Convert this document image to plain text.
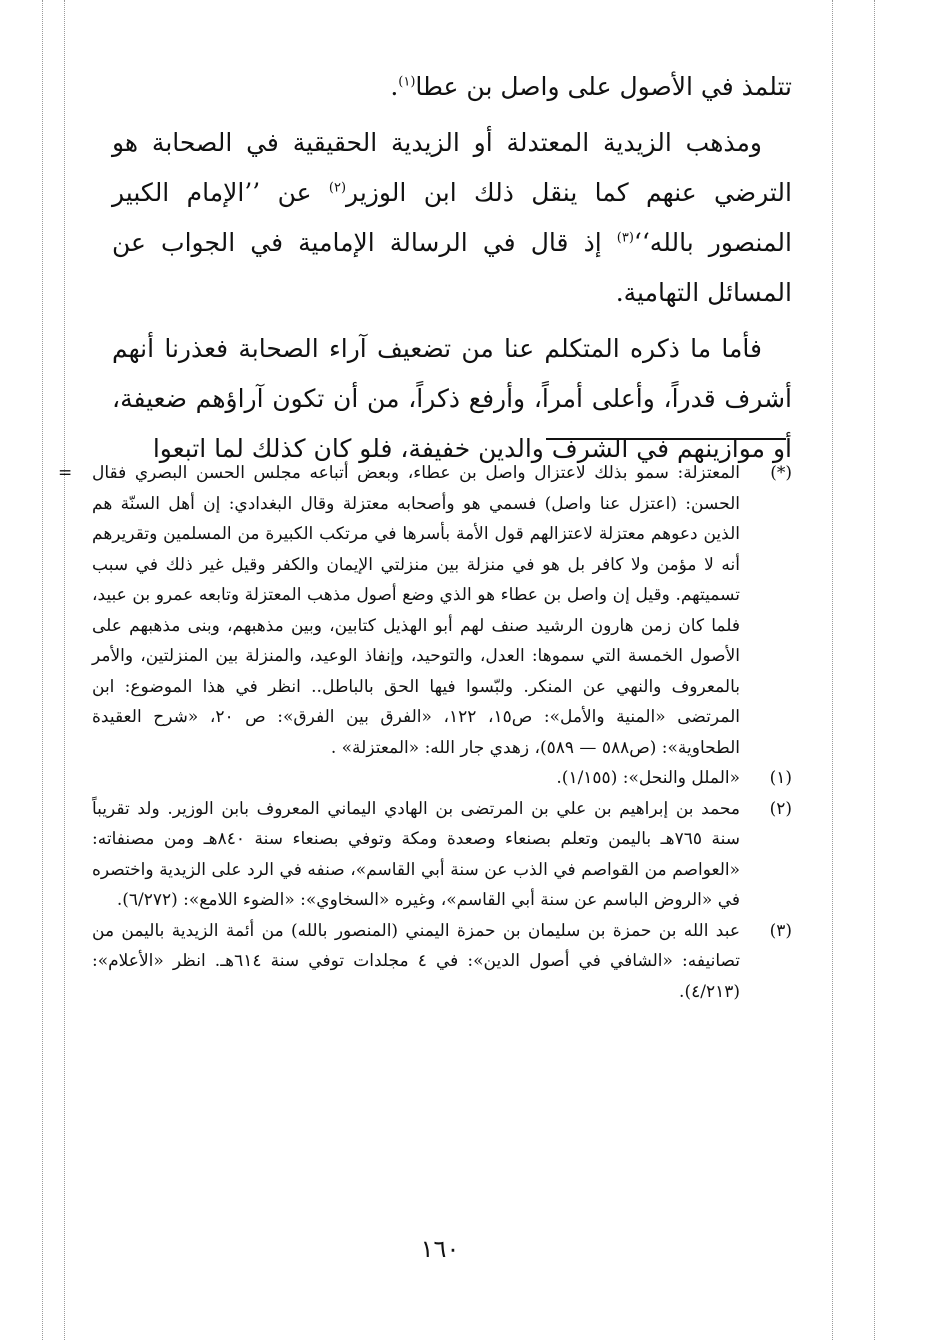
تتلمذ في الأصول على واصل بن عطا$^{(١)}$.

ومذهب الزيدية المعتدلة أو الزيدية الحقيقية في الصحابة هو الترضي عنهم كما ينقل ذلك ابن الوزير$^{(٢)}$ عن ’’الإمام الكبير المنصور بالله‘‘$^{(٣)}$ إذ قال في الرسالة الإمامية في الجواب عن المسائل التهامية.

فأما ما ذكره المتكلم عنا من تضعيف آراء الصحابة فعذرنا أنهم أشرف قدراً، وأعلى أمراً، وأرفع ذكراً، من أن تكون آراؤهم ضعيفة، أو موازينهم في الشرف والدين خفيفة، فلو كان كذلك لما اتبعوا

=	(*)
المعتزلة: سمو بذلك لاعتزال واصل بن عطاء، وبعض أتباعه مجلس الحسن البصري فقال الحسن: (اعتزل عنا واصل) فسمي هو وأصحابه معتزلة وقال البغدادي: إن أهل السنّة هم الذين دعوهم معتزلة لاعتزالهم قول الأمة بأسرها في مرتكب الكبيرة من المسلمين وتقريرهم أنه لا مؤمن ولا كافر بل هو في منزلة بين منزلتي الإيمان والكفر وقيل غير ذلك في سبب تسميتهم. وقيل إن واصل بن عطاء هو الذي وضع أصول مذهب المعتزلة وتابعه عمرو بن عبيد، فلما كان زمن هارون الرشيد صنف لهم أبو الهذيل كتابين، وبين مذهبهم، وبنى مذهبهم على الأصول الخمسة التي سموها: العدل، والتوحيد، وإنفاذ الوعيد، والمنزلة بين المنزلتين، والأمر بالمعروف والنهي عن المنكر. ولبّسوا فيها الحق بالباطل.. انظر في هذا الموضوع: ابن المرتضى «المنية والأمل»: ص١٥، ١٢٢، «الفرق بين الفرق»: ص ٢٠، «شرح العقيدة الطحاوية»: (ص٥٨٨ — ٥٨٩)، زهدي جار الله: «المعتزلة» .
(١)
«الملل والنحل»: (١/١٥٥).
(٢)
محمد بن إبراهيم بن علي بن المرتضى بن الهادي اليماني المعروف بابن الوزير. ولد تقريباً سنة ٧٦٥هـ باليمن وتعلم بصنعاء وصعدة ومكة وتوفي بصنعاء سنة ٨٤٠هـ ومن مصنفاته: «العواصم من القواصم في الذب عن سنة أبي القاسم»، صنفه في الرد على الزيدية واختصره في «الروض الباسم عن سنة أبي القاسم»، وغيره «السخاوي»: «الضوء اللامع»: (٦/٢٧٢).
(٣)
عبد الله بن حمزة بن سليمان بن حمزة اليمني (المنصور بالله) من أئمة الزيدية باليمن من تصانيفه: «الشافي في أصول الدين»: في ٤ مجلدات توفي سنة ٦١٤هـ. انظر «الأعلام»: (٤/٢١٣).
١٦٠
